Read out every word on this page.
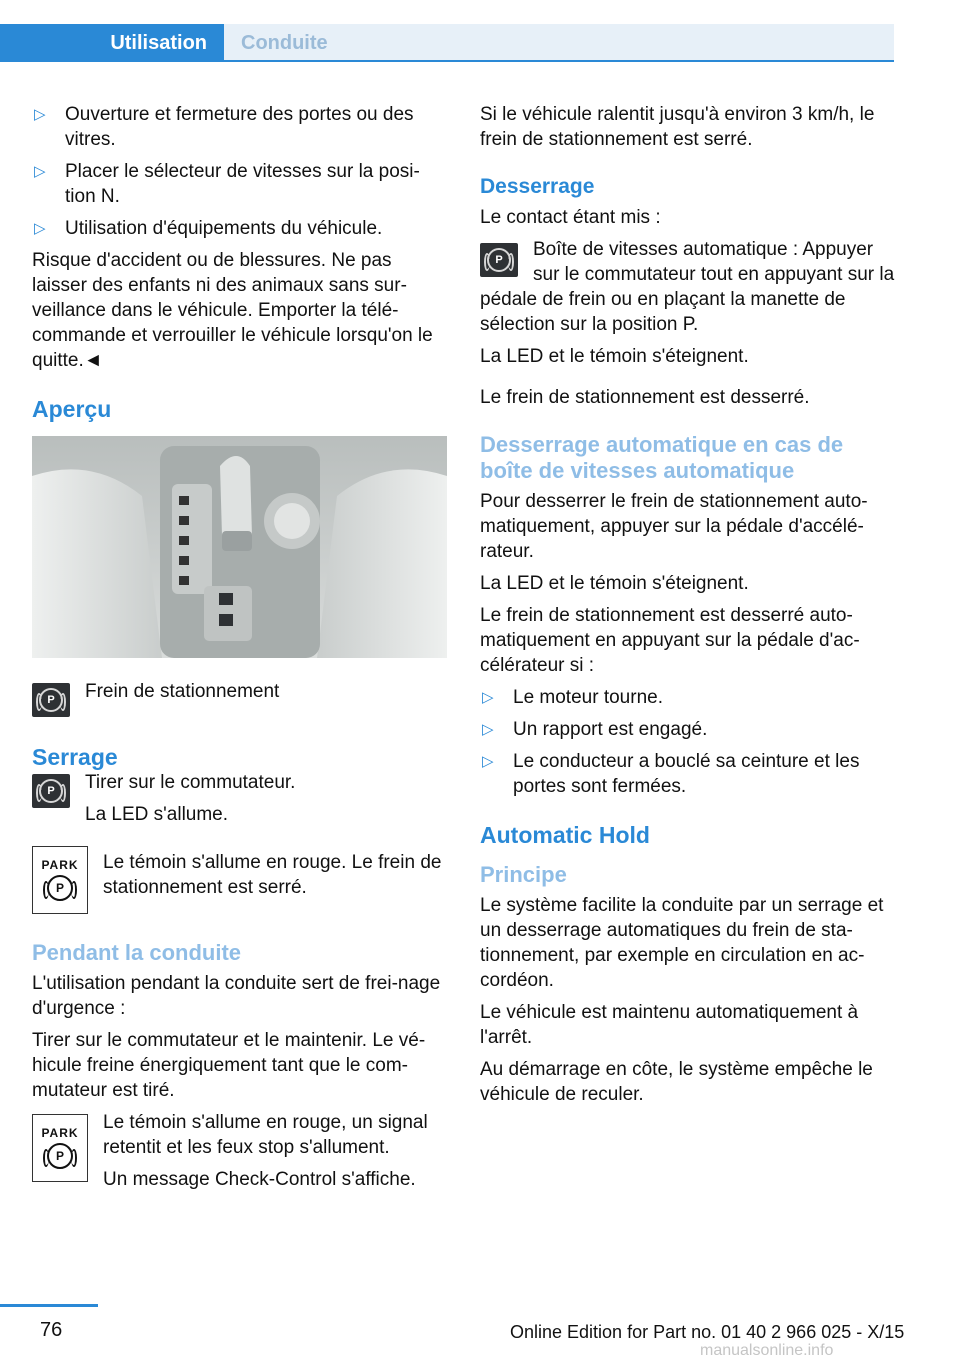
Utilisation	Conduite
▷	Ouverture et fermeture des portes ou des vitres.
▷	Placer le sélecteur de vitesses sur la posi-tion N.
▷	Utilisation d'équipements du véhicule.

Risque d'accident ou de blessures. Ne pas laisser des enfants ni des animaux sans sur-veillance dans le véhicule. Emporter la télé-commande et verrouiller le véhicule lorsqu'on le quitte.◄

Aperçu
P Frein de stationnement
Serrage
P Tirer sur le commutateur.

La LED s'allume.

PARK
P

Le témoin s'allume en rouge. Le frein de stationnement est serré.

Pendant la conduite

L'utilisation pendant la conduite sert de frei-nage d'urgence :

Tirer sur le commutateur et le maintenir. Le vé-hicule freine énergiquement tant que le com-mutateur est tiré.

PARK
P

Le témoin s'allume en rouge, un signal retentit et les feux stop s'allument.

Un message Check-Control s'affiche.

Si le véhicule ralentit jusqu'à environ 3 km/h, le frein de stationnement est serré.

Desserrage

Le contact étant mis :

P	Boîte de vitesses automatique : Appuyer sur le commutateur tout en appuyant sur la pédale de frein ou en plaçant la manette de sélection sur la position P.

La LED et le témoin s'éteignent.

Le frein de stationnement est desserré.

Desserrage automatique en cas de boîte de vitesses automatique

Pour desserrer le frein de stationnement auto-matiquement, appuyer sur la pédale d'accélé-rateur.

La LED et le témoin s'éteignent.

Le frein de stationnement est desserré auto-matiquement en appuyant sur la pédale d'ac-célérateur si :

▷	Le moteur tourne.
▷	Un rapport est engagé.
▷	Le conducteur a bouclé sa ceinture et les portes sont fermées.
Automatic Hold
Principe

Le système facilite la conduite par un serrage et un desserrage automatiques du frein de sta-tionnement, par exemple en circulation en ac-cordéon.

Le véhicule est maintenu automatiquement à l'arrêt.

Au démarrage en côte, le système empêche le véhicule de reculer.

76	Online Edition for Part no. 01 40 2 966 025 - X/15
manualsonline.info
